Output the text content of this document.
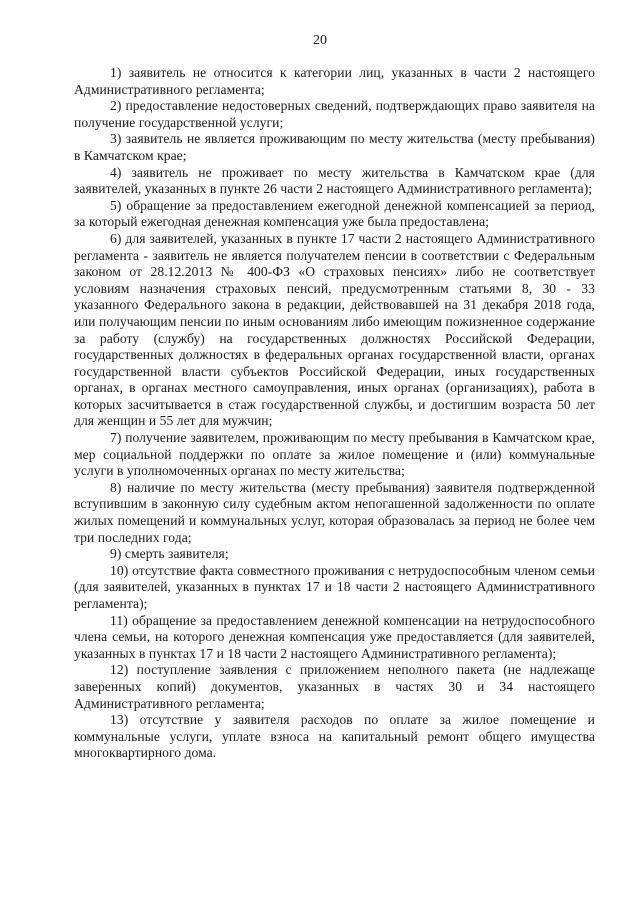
20

1) заявитель не относится к категории лиц, указанных в части 2 настоящего Административного регламента;

2) предоставление недостоверных сведений, подтверждающих право заявителя на получение государственной услуги;

3) заявитель не является проживающим по месту жительства (месту пребывания) в Камчатском крае;

4) заявитель не проживает по месту жительства в Камчатском крае (для заявителей, указанных в пункте 26 части 2 настоящего Административного регламента);

5) обращение за предоставлением ежегодной денежной компенсацией за период, за который ежегодная денежная компенсация уже была предоставлена;

6) для заявителей, указанных в пункте 17 части 2 настоящего Административного регламента - заявитель не является получателем пенсии в соответствии с Федеральным законом от 28.12.2013 № 400-ФЗ «О страховых пенсиях» либо не соответствует условиям назначения страховых пенсий, предусмотренным статьями 8, 30 - 33 указанного Федерального закона в редакции, действовавшей на 31 декабря 2018 года, или получающим пенсии по иным основаниям либо имеющим пожизненное содержание за работу (службу) на государственных должностях Российской Федерации, государственных должностях в федеральных органах государственной власти, органах государственной власти субъектов Российской Федерации, иных государственных органах, в органах местного самоуправления, иных органах (организациях), работа в которых засчитывается в стаж государственной службы, и достигшим возраста 50 лет для женщин и 55 лет для мужчин;

7) получение заявителем, проживающим по месту пребывания в Камчатском крае, мер социальной поддержки по оплате за жилое помещение и (или) коммунальные услуги в уполномоченных органах по месту жительства;

8) наличие по месту жительства (месту пребывания) заявителя подтвержденной вступившим в законную силу судебным актом непогашенной задолженности по оплате жилых помещений и коммунальных услуг, которая образовалась за период не более чем три последних года;

9) смерть заявителя;

10) отсутствие факта совместного проживания с нетрудоспособным членом семьи (для заявителей, указанных в пунктах 17 и 18 части 2 настоящего Административного регламента);

11) обращение за предоставлением денежной компенсации на нетрудоспособного члена семьи, на которого денежная компенсация уже предоставляется (для заявителей, указанных в пунктах 17 и 18 части 2 настоящего Административного регламента);

12) поступление заявления с приложением неполного пакета (не надлежаще заверенных копий) документов, указанных в частях 30 и 34 настоящего Административного регламента;

13) отсутствие у заявителя расходов по оплате за жилое помещение и коммунальные услуги, уплате взноса на капитальный ремонт общего имущества многоквартирного дома.
